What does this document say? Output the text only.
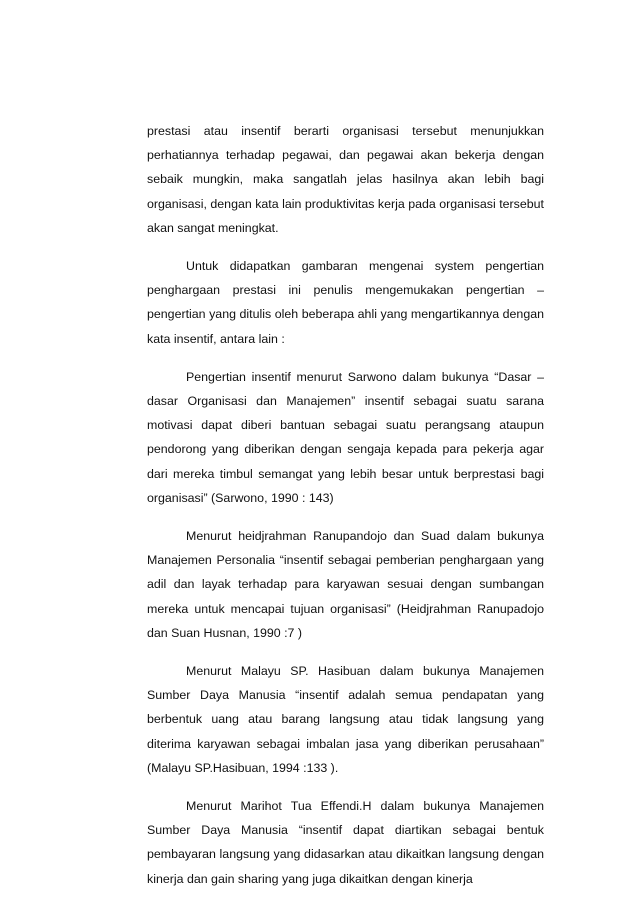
prestasi atau insentif berarti organisasi tersebut menunjukkan perhatiannya terhadap pegawai, dan pegawai akan bekerja dengan sebaik mungkin, maka sangatlah jelas hasilnya akan lebih bagi organisasi, dengan kata lain produktivitas kerja pada organisasi tersebut akan sangat meningkat.

Untuk didapatkan gambaran mengenai system pengertian penghargaan prestasi ini penulis mengemukakan pengertian – pengertian yang ditulis oleh beberapa ahli yang mengartikannya dengan kata insentif, antara lain :

Pengertian insentif menurut Sarwono dalam bukunya “Dasar – dasar Organisasi dan Manajemen” insentif sebagai suatu sarana motivasi dapat diberi bantuan sebagai suatu perangsang ataupun pendorong yang diberikan dengan sengaja kepada para pekerja agar dari mereka timbul semangat yang lebih besar untuk berprestasi bagi organisasi” (Sarwono, 1990 : 143)

Menurut heidjrahman Ranupandojo dan Suad dalam bukunya Manajemen Personalia “insentif sebagai pemberian penghargaan yang adil dan layak terhadap para karyawan sesuai dengan sumbangan mereka untuk mencapai tujuan organisasi” (Heidjrahman Ranupadojo dan Suan Husnan, 1990 :7 )

Menurut Malayu SP. Hasibuan dalam bukunya Manajemen Sumber Daya Manusia “insentif adalah semua pendapatan yang berbentuk uang atau barang langsung atau tidak langsung yang diterima karyawan sebagai imbalan jasa yang diberikan perusahaan” (Malayu SP.Hasibuan, 1994 :133 ).

Menurut Marihot Tua Effendi.H dalam bukunya Manajemen Sumber Daya Manusia “insentif dapat diartikan sebagai bentuk pembayaran langsung yang didasarkan atau dikaitkan langsung dengan kinerja dan gain sharing yang juga dikaitkan dengan kinerja
